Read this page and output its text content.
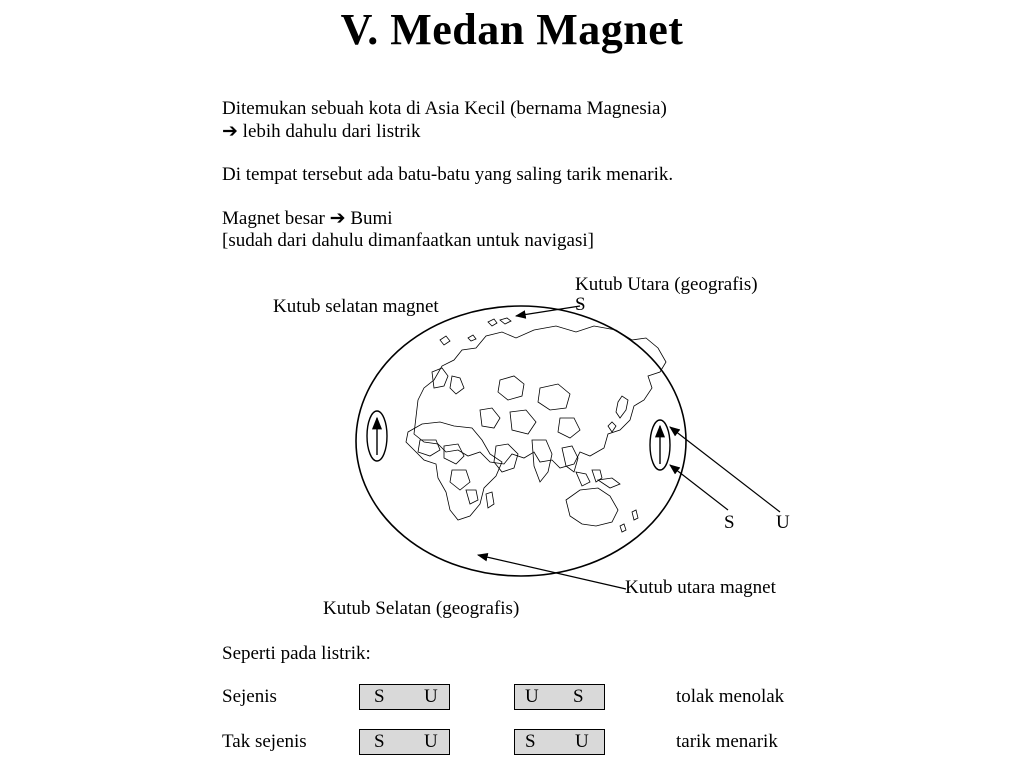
V. Medan Magnet
Ditemukan sebuah kota di Asia Kecil (bernama Magnesia)
➔ lebih dahulu dari listrik
Di tempat tersebut ada batu-batu yang saling tarik menarik.
Magnet besar ➔ Bumi
[sudah dari dahulu dimanfaatkan untuk navigasi]
Kutub Utara (geografis)
S
Kutub selatan magnet
S U
Kutub utara magnet
Kutub Selatan (geografis)
Seperti pada listrik:
Sejenis	S U	U S	tolak menolak
Tak sejenis	S U	S U	tarik menarik
